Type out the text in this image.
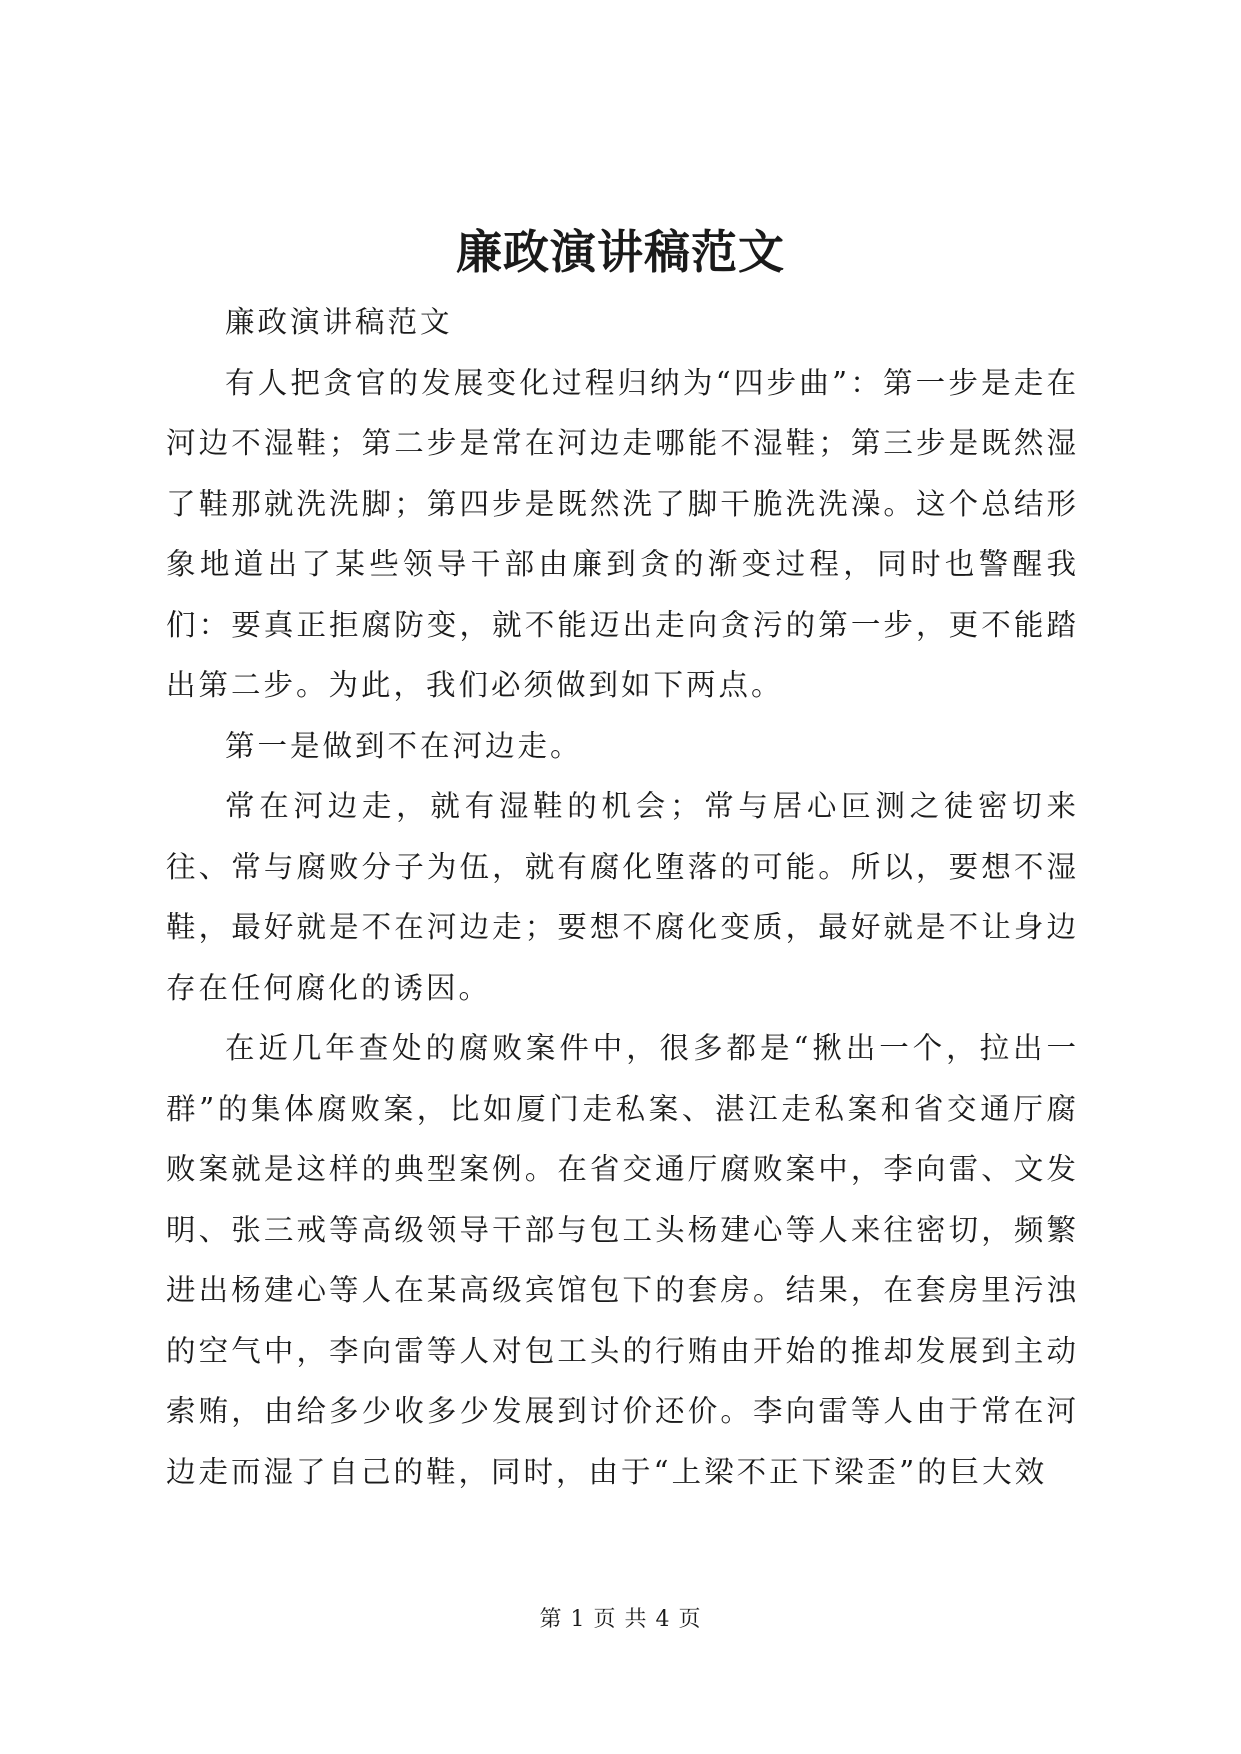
廉政演讲稿范文

廉政演讲稿范文

有人把贪官的发展变化过程归纳为“四步曲”：第一步是走在河边不湿鞋；第二步是常在河边走哪能不湿鞋；第三步是既然湿了鞋那就洗洗脚；第四步是既然洗了脚干脆洗洗澡。这个总结形象地道出了某些领导干部由廉到贪的渐变过程，同时也警醒我们：要真正拒腐防变，就不能迈出走向贪污的第一步，更不能踏出第二步。为此，我们必须做到如下两点。

第一是做到不在河边走。

常在河边走，就有湿鞋的机会；常与居心叵测之徒密切来往、常与腐败分子为伍，就有腐化堕落的可能。所以，要想不湿鞋，最好就是不在河边走；要想不腐化变质，最好就是不让身边存在任何腐化的诱因。

在近几年查处的腐败案件中，很多都是“揪出一个，拉出一群”的集体腐败案，比如厦门走私案、湛江走私案和省交通厅腐败案就是这样的典型案例。在省交通厅腐败案中，李向雷、文发明、张三戒等高级领导干部与包工头杨建心等人来往密切，频繁进出杨建心等人在某高级宾馆包下的套房。结果，在套房里污浊的空气中，李向雷等人对包工头的行贿由开始的推却发展到主动索贿，由给多少收多少发展到讨价还价。李向雷等人由于常在河边走而湿了自己的鞋，同时，由于“上梁不正下梁歪”的巨大效

第 1 页 共 4 页
